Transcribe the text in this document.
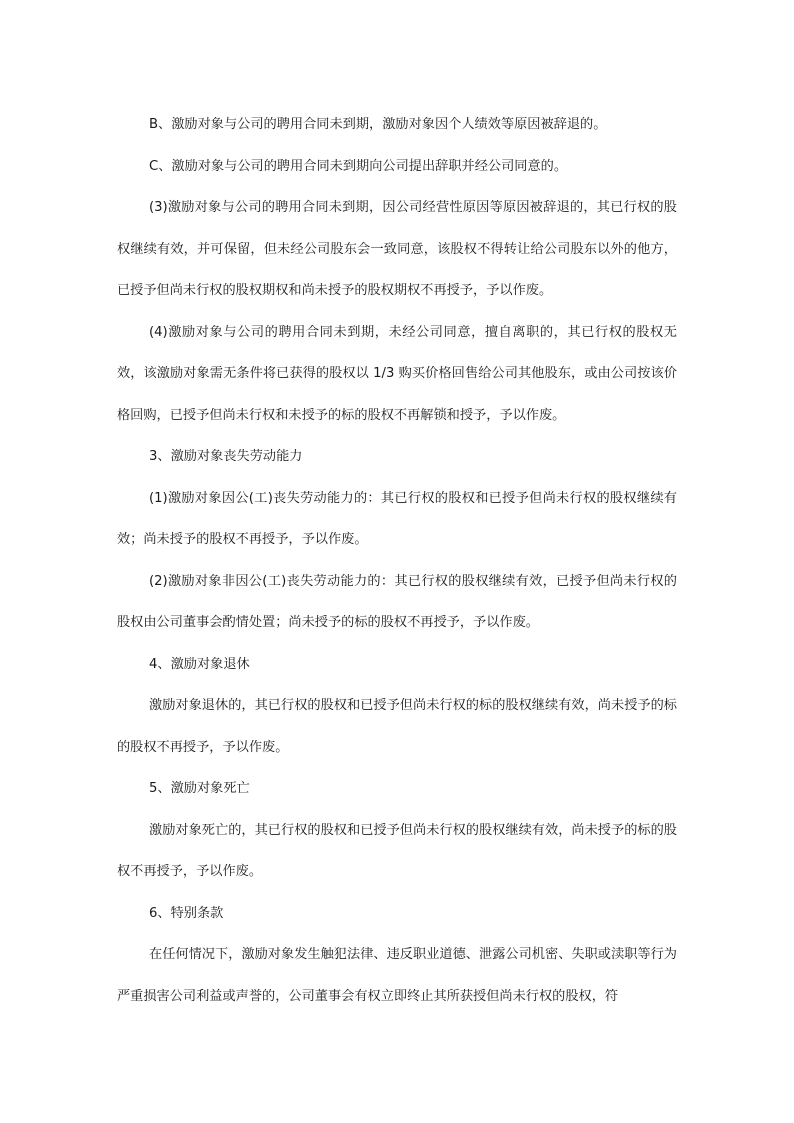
B、激励对象与公司的聘用合同未到期，激励对象因个人绩效等原因被辞退的。

C、激励对象与公司的聘用合同未到期向公司提出辞职并经公司同意的。

(3)激励对象与公司的聘用合同未到期，因公司经营性原因等原因被辞退的，其已行权的股权继续有效，并可保留，但未经公司股东会一致同意，该股权不得转让给公司股东以外的他方，已授予但尚未行权的股权期权和尚未授予的股权期权不再授予，予以作废。

(4)激励对象与公司的聘用合同未到期，未经公司同意，擅自离职的，其已行权的股权无效，该激励对象需无条件将已获得的股权以 1/3 购买价格回售给公司其他股东，或由公司按该价格回购，已授予但尚未行权和未授予的标的股权不再解锁和授予，予以作废。

3、激励对象丧失劳动能力

(1)激励对象因公(工)丧失劳动能力的：其已行权的股权和已授予但尚未行权的股权继续有效；尚未授予的股权不再授予，予以作废。

(2)激励对象非因公(工)丧失劳动能力的：其已行权的股权继续有效，已授予但尚未行权的股权由公司董事会酌情处置；尚未授予的标的股权不再授予，予以作废。

4、激励对象退休

激励对象退休的，其已行权的股权和已授予但尚未行权的标的股权继续有效，尚未授予的标的股权不再授予，予以作废。

5、激励对象死亡

激励对象死亡的，其已行权的股权和已授予但尚未行权的股权继续有效，尚未授予的标的股权不再授予，予以作废。

6、特别条款

在任何情况下，激励对象发生触犯法律、违反职业道德、泄露公司机密、失职或渎职等行为严重损害公司利益或声誉的，公司董事会有权立即终止其所获授但尚未行权的股权，符
